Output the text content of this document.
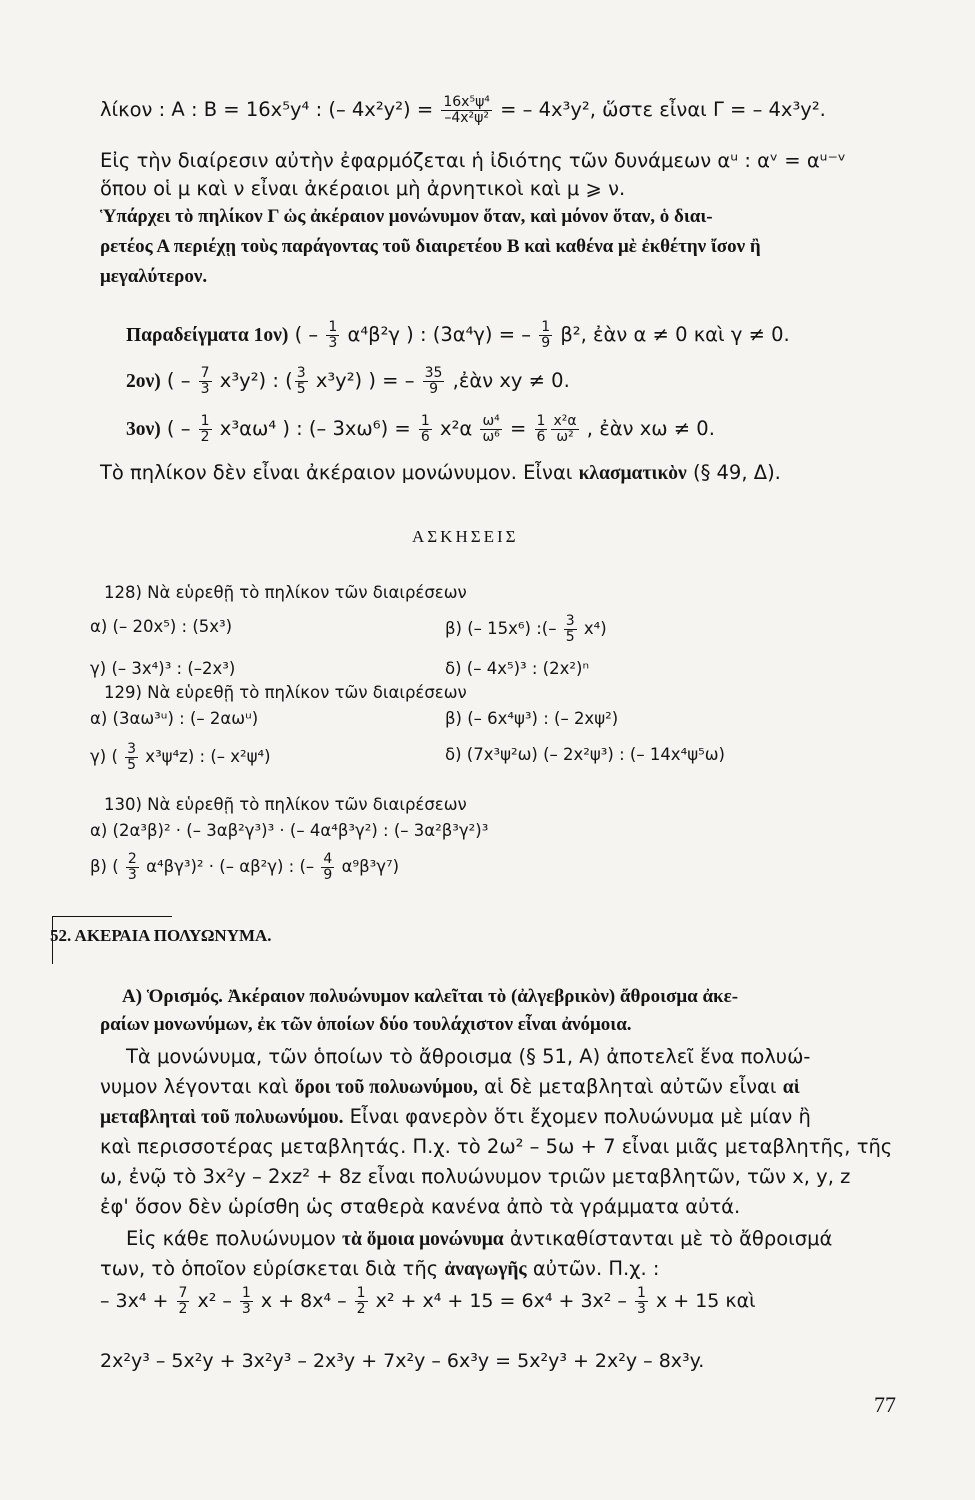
λίκον : Α : Β = 16x⁵y⁴ : (– $4x^2y^2) = \frac{\text{16x⁵ψ⁴}}{\text{–4x²ψ²}}$ = – 4x³y², ὥστε εἶναι Γ = – 4x³y².
Εἰς τὴν διαίρεσιν αὐτὴν ἐφαρμόζεται ἡ ἰδιότης τῶν δυνάμεων αᵘ : αᵛ = αᵘ⁻ᵛ
ὅπου οἱ μ καὶ ν εἶναι ἀκέραιοι μὴ ἀρνητικοὶ καὶ μ ⩾ ν.
Ὑπάρχει τὸ πηλίκον Γ ὡς ἀκέραιον μονώνυμον ὅταν, καὶ μόνον ὅταν, ὁ διαι-
ρετέος Α περιέχῃ τοὺς παράγοντας τοῦ διαιρετέου Β καὶ καθένα μὲ ἐκθέτην ἴσον ἢ
μεγαλύτερον.
Παραδείγματα 1ον) ( – $\frac{1}{3} \alpha^4\beta^2\gamma$ ) : (3α⁴γ) = – $\frac{1}{9} \beta^2$, ἐὰν α ≠ 0 καὶ γ ≠ 0.
2ον) ( – $\frac{7}{3} x^3y^2$) : ( $\frac{3}{5} x^3y^2$) ) = – $\frac{35}{9}$ ,ἐὰν xy ≠ 0.
3ον) ( – $\frac{1}{2} x^3\alpha\omega^4$ ) : (– $3x\omega^6) = \frac{1}{6} x^2\alpha \frac{\text{ω⁴}}{\text{ω⁶}} = \frac{1}{6} \frac{\text{x²α}}{\text{ω²}}$ , ἐὰν xω ≠ 0.
Τὸ πηλίκον δὲν εἶναι ἀκέραιον μονώνυμον. Εἶναι κλασματικὸν (§ 49, Δ).
ΑΣΚΗΣΕΙΣ
128) Νὰ εὑρεθῇ τὸ πηλίκον τῶν διαιρέσεων
α) (– 20x⁵) : (5x³)	β) (– 15x⁶) :(– $\frac{3}{5} x^4$)
γ) (– 3x⁴)³ : (–2x³)	δ) (– 4x⁵)³ : (2x²)ⁿ
129) Νὰ εὑρεθῇ τὸ πηλίκον τῶν διαιρέσεων
α) (3αω³ᵘ) : (– 2αωᵘ)	β) (– 6x⁴ψ³) : (– 2xψ²)
γ) ( $\frac{3}{5} x^3\psi^4z$) : (– x²ψ⁴)	δ) (7x³ψ²ω) (– 2x²ψ³) : (– 14x⁴ψ⁵ω)
130) Νὰ εὑρεθῇ τὸ πηλίκον τῶν διαιρέσεων
α) (2α³β)² · (– 3αβ²γ³)³ · (– 4α⁴β³γ²) : (– 3α²β³γ²)³
β) ( $\frac{2}{3} \alpha^4\beta\gamma^3)^2$ · (– αβ²γ) : (– $\frac{4}{9} \alpha^9\beta^3\gamma^7$)
52. ΑΚΕΡΑΙΑ ΠΟΛΥΩΝΥΜΑ.
Α) Ὁρισμός. Ἀκέραιον πολυώνυμον καλεῖται τὸ (ἀλγεβρικὸν) ἄθροισμα ἀκε-
ραίων μονωνύμων, ἐκ τῶν ὁποίων δύο τουλάχιστον εἶναι ἀνόμοια.
Τὰ μονώνυμα, τῶν ὁποίων τὸ ἄθροισμα (§ 51, Α) ἀποτελεῖ ἕνα πολυώ-
νυμον λέγονται καὶ ὅροι τοῦ πολυωνύμου, αἱ δὲ μεταβληταὶ αὐτῶν εἶναι αἱ
μεταβληταὶ τοῦ πολυωνύμου. Εἶναι φανερὸν ὅτι ἔχομεν πολυώνυμα μὲ μίαν ἢ
καὶ περισσοτέρας μεταβλητάς. Π.χ. τὸ 2ω² – 5ω + 7 εἶναι μιᾶς μεταβλητῆς, τῆς
ω, ἐνῷ τὸ 3x²y – 2xz² + 8z εἶναι πολυώνυμον τριῶν μεταβλητῶν, τῶν x, y, z
ἐφ' ὅσον δὲν ὡρίσθη ὡς σταθερὰ κανένα ἀπὸ τὰ γράμματα αὐτά.
Εἰς κάθε πολυώνυμον τὰ ὅμοια μονώνυμα ἀντικαθίστανται μὲ τὸ ἄθροισμά
των, τὸ ὁποῖον εὑρίσκεται διὰ τῆς ἀναγωγῆς αὐτῶν. Π.χ. :
– $3x^4 + \frac{7}{2} x^2 - \frac{1}{3}$ $x + 8x^4 - \frac{1}{2} x^2 + x^4 + 15 = 6x^4 + 3x^2 - \frac{1}{3}$ x + 15 καὶ
2x²y³ – 5x²y + 3x²y³ – 2x³y + 7x²y – 6x³y = 5x²y³ + 2x²y – 8x³y.
77
